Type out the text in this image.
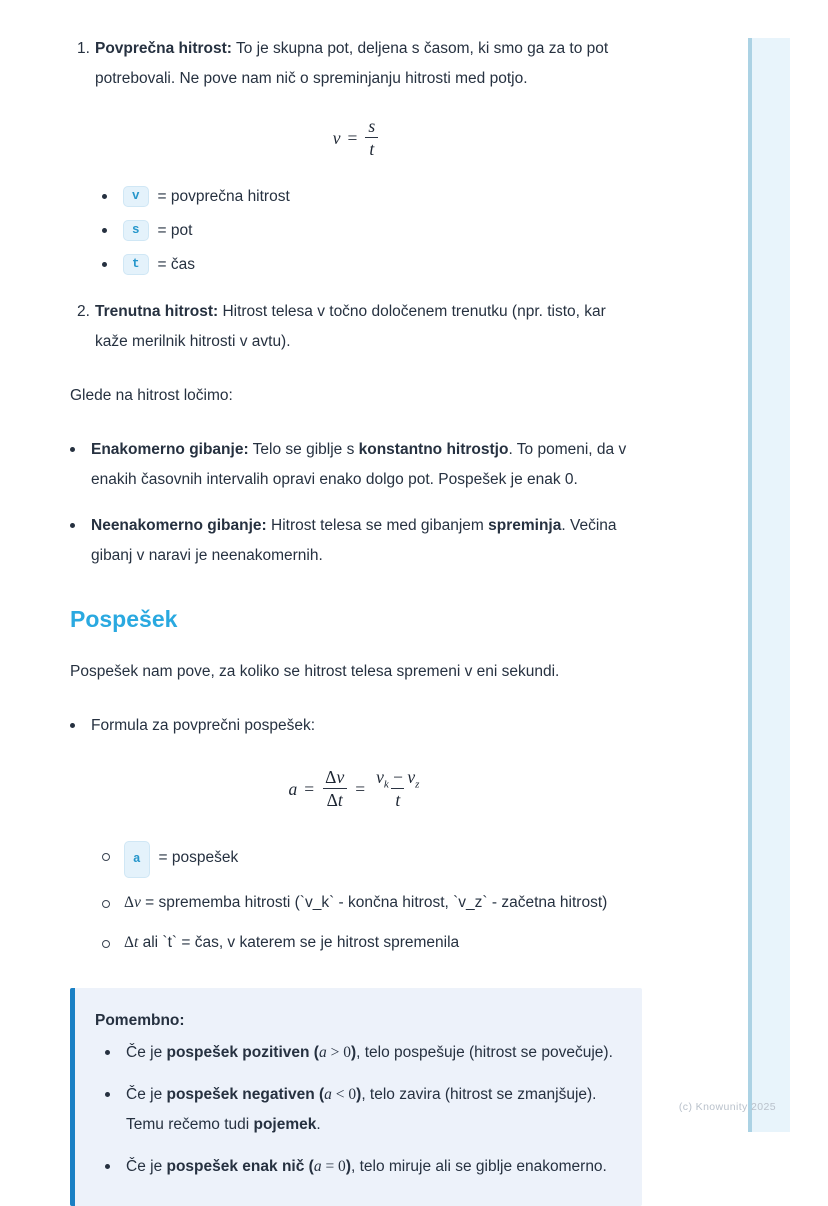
1. Povprečna hitrost: To je skupna pot, deljena s časom, ki smo ga za to pot potrebovali. Ne pove nam nič o spreminjanju hitrosti med potjo.
$v = \frac{s}{t}$
v	= povprečna hitrost
s	= pot
t	= čas
2. Trenutna hitrost: Hitrost telesa v točno določenem trenutku (npr. tisto, kar kaže merilnik hitrosti v avtu).

Glede na hitrost ločimo:

Enakomerno gibanje: Telo se giblje s konstantno hitrostjo. To pomeni, da v enakih časovnih intervalih opravi enako dolgo pot. Pospešek je enak 0.
Neenakomerno gibanje: Hitrost telesa se med gibanjem spreminja. Večina gibanj v naravi je neenakomernih.
Pospešek

Pospešek nam pove, za koliko se hitrost telesa spremeni v eni sekundi.

Formula za povprečni pospešek:
$a = \frac{\Delta v}{\Delta t} = \frac{v_k - v_z}{t}$
a = pospešek
Δv = sprememba hitrosti (`v_k` - končna hitrost, `v_z` - začetna hitrost)
Δt ali `t` = čas, v katerem se je hitrost spremenila
Pomembno:
Če je pospešek pozitiven (a > 0), telo pospešuje (hitrost se povečuje).
Če je pospešek negativen (a < 0), telo zavira (hitrost se zmanjšuje). Temu rečemo tudi pojemek.
Če je pospešek enak nič (a = 0), telo miruje ali se giblje enakomerno.
(c) Knowunity 2025
